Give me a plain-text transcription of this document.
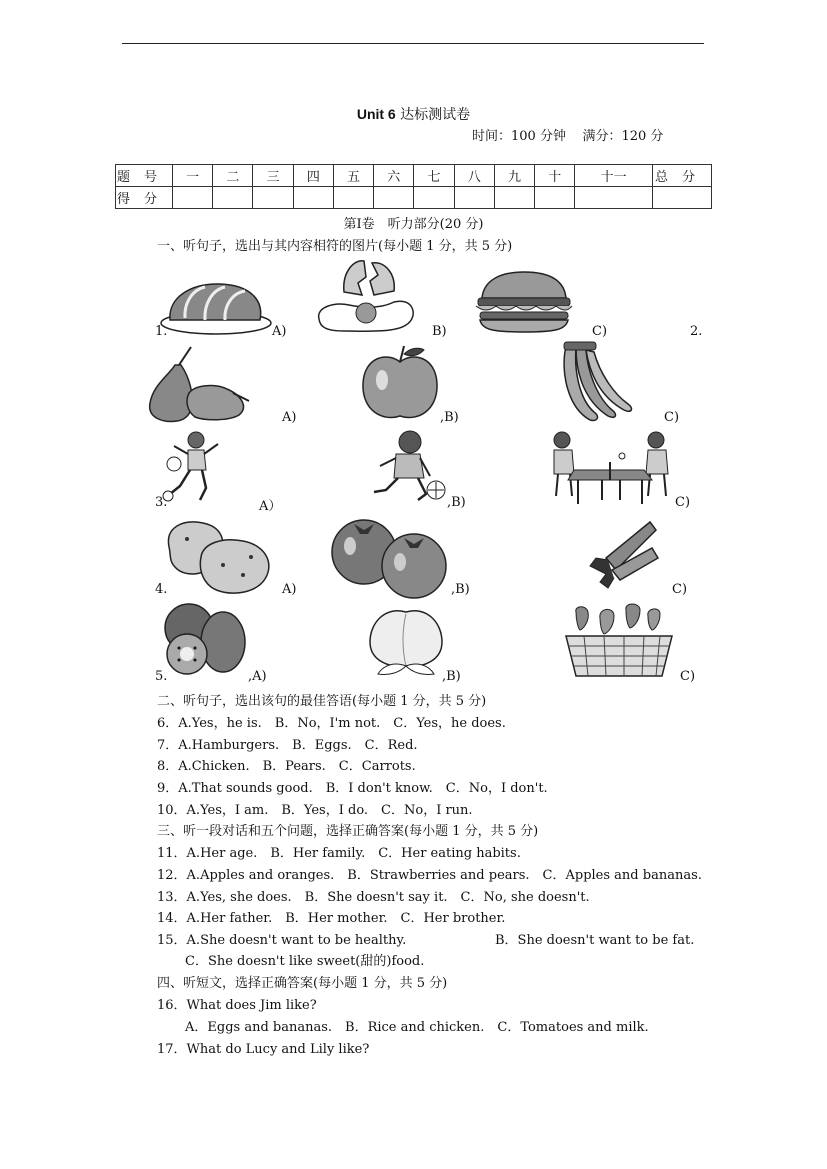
Unit 6 达标测试卷
时间：100 分钟 满分：120 分
题号	一	二	三	四	五	六	七	八	九	十	十一	总分
得分												
第Ⅰ卷　听力部分(20 分)
一、听句子，选出与其内容相符的图片(每小题 1 分，共 5 分)
1.	A)	B)	C)	2.
A)	,B)	C)
3.	A）	,B)	C)
4.	A)	,B)	C)
5.	,A)	,B)	C)
二、听句子，选出该句的最佳答语(每小题 1 分，共 5 分)
6．A.Yes，he is.　B．No，I'm not.　C．Yes，he does.
7．A.Hamburgers.　B．Eggs.　C．Red.
8．A.Chicken.　B．Pears.　C．Carrots.
9．A.That sounds good.　B．I don't know.　C．No，I don't.
10．A.Yes，I am.　B．Yes，I do.　C．No，I run.
三、听一段对话和五个问题，选择正确答案(每小题 1 分，共 5 分)
11．A.Her age.　B．Her family.　C．Her eating habits.
12．A.Apples and oranges.　B．Strawberries and pears.　C．Apples and bananas.
13．A.Yes, she does.　B．She doesn't say it.　C．No, she doesn't.
14．A.Her father.　B．Her mother.　C．Her brother.
15．A.She doesn't want to be healthy.	B．She doesn't want to be fat.
C．She doesn't like sweet(甜的)food.
四、听短文，选择正确答案(每小题 1 分，共 5 分)
16．What does Jim like?
A．Eggs and bananas.　B．Rice and chicken.　C．Tomatoes and milk.
17．What do Lucy and Lily like?
